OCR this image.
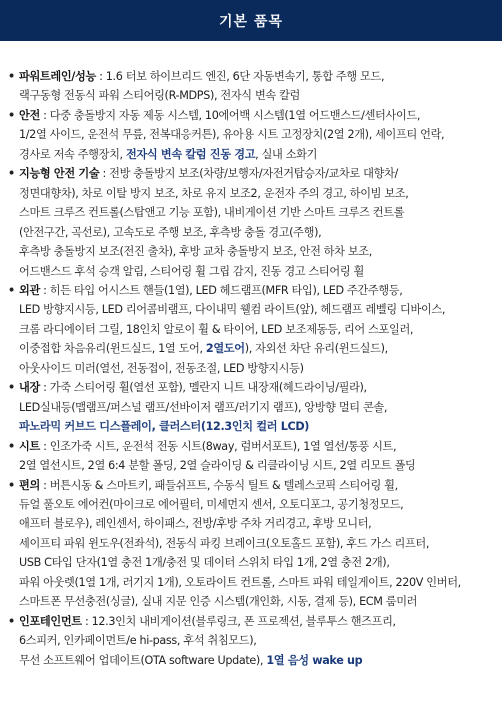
기본 품목
• 파워트레인/성능 : 1.6 터보 하이브리드 엔진, 6단 자동변속기, 통합 주행 모드,
랙구동형 전동식 파워 스티어링(R-MDPS), 전자식 변속 칼럼
• 안전 : 다중 충돌방지 자동 제동 시스템, 10에어백 시스템(1열 어드밴스드/센터사이드,
1/2열 사이드, 운전석 무릎, 전복대응커튼), 유아용 시트 고정장치(2열 2개), 세이프티 언락,
경사로 저속 주행장치, 전자식 변속 칼럼 진동 경고, 실내 소화기
• 지능형 안전 기술 : 전방 충돌방지 보조(차량/보행자/자전거탑승자/교차로 대향차/
정면대향차), 차로 이탈 방지 보조, 차로 유지 보조2, 운전자 주의 경고, 하이빔 보조,
스마트 크루즈 컨트롤(스탑앤고 기능 포함), 내비게이션 기반 스마트 크루즈 컨트롤
(안전구간, 곡선로), 고속도로 주행 보조, 후측방 충돌 경고(주행),
후측방 충돌방지 보조(전진 출차), 후방 교차 충돌방지 보조, 안전 하차 보조,
어드밴스드 후석 승객 알림, 스티어링 휠 그립 감지, 진동 경고 스티어링 휠
• 외관 : 히든 타입 어시스트 핸들(1열), LED 헤드램프(MFR 타입), LED 주간주행등,
LED 방향지시등, LED 리어콤비램프, 다이내믹 웰컴 라이트(앞), 헤드램프 레벨링 디바이스,
크롬 라디에이터 그릴, 18인치 알로이 휠 & 타이어, LED 보조제동등, 리어 스포일러,
이중접합 차음유리(윈드실드, 1열 도어, 2열도어), 자외선 차단 유리(윈드실드),
아웃사이드 미러(열선, 전동접이, 전동조절, LED 방향지시등)
• 내장 : 가죽 스티어링 휠(열선 포함), 멜란지 니트 내장재(헤드라이닝/필라),
LED실내등(맵램프/퍼스널 램프/선바이저 램프/러기지 램프), 앙방향 멀티 콘솔,
파노라믹 커브드 디스플레이, 클러스터(12.3인치 컬러 LCD)
• 시트 : 인조가죽 시트, 운전석 전동 시트(8way, 럼버서포트), 1열 열선/통풍 시트,
2열 열선시트, 2열 6:4 분할 폴딩, 2열 슬라이딩 & 리클라이닝 시트, 2열 리모트 폴딩
• 편의 : 버튼시동 & 스마트키, 패들쉬프트, 수동식 틸트 & 텔레스코픽 스티어링 휠,
듀얼 풀오토 에어컨(마이크로 에어필터, 미세먼지 센서, 오토디포그, 공기청정모드,
애프터 블로우), 레인센서, 하이패스, 전방/후방 주차 거리경고, 후방 모니터,
세이프티 파워 윈도우(전좌석), 전동식 파킹 브레이크(오토홀드 포함), 후드 가스 리프터,
USB C타입 단자(1열 충전 1개/충전 및 데이터 스위치 타입 1개, 2열 충전 2개),
파워 아웃렛(1열 1개, 러기지 1개), 오토라이트 컨트롤, 스마트 파워 테일게이트, 220V 인버터,
스마트폰 무선충전(싱글), 실내 지문 인증 시스템(개인화, 시동, 결제 등), ECM 룸미러
• 인포테인먼트 : 12.3인치 내비게이션(블루링크, 폰 프로젝션, 블루투스 핸즈프리,
6스피커, 인카페이먼트/e hi-pass, 후석 취침모드),
무선 소프트웨어 업데이트(OTA software Update), 1열 음성 wake up
